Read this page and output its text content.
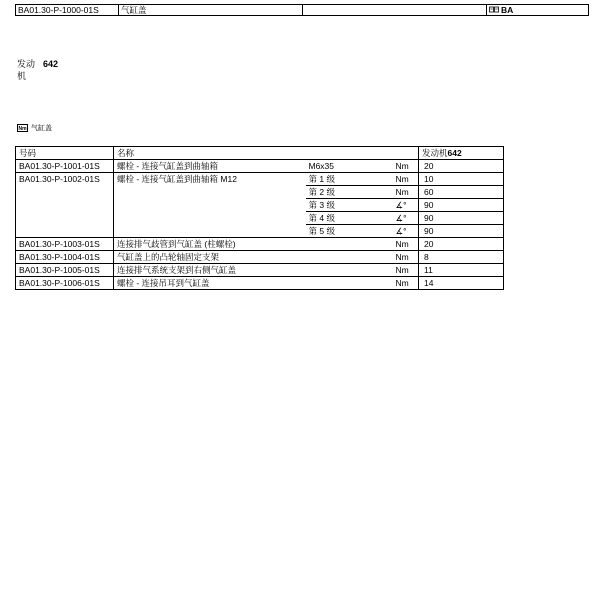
BA01.30-P-1000-01S	气缸盖	BA
发动 642
机
Nm 气缸盖
号码	名称			发动机642
BA01.30-P-1001-01S	螺栓 - 连接气缸盖到曲轴箱	M6x35	Nm	20
BA01.30-P-1002-01S	螺栓 - 连接气缸盖到曲轴箱 M12	第 1 级	Nm	10
		第 2 级	Nm	60
		第 3 级	∡°	90
		第 4 级	∡°	90
		第 5 级	∡°	90
BA01.30-P-1003-01S	连接排气歧管到气缸盖 (柱螺栓)		Nm	20
BA01.30-P-1004-01S	气缸盖上的凸轮轴固定支架		Nm	8
BA01.30-P-1005-01S	连接排气系统支架到右侧气缸盖		Nm	11
BA01.30-P-1006-01S	螺栓 - 连接吊耳到气缸盖		Nm	14
